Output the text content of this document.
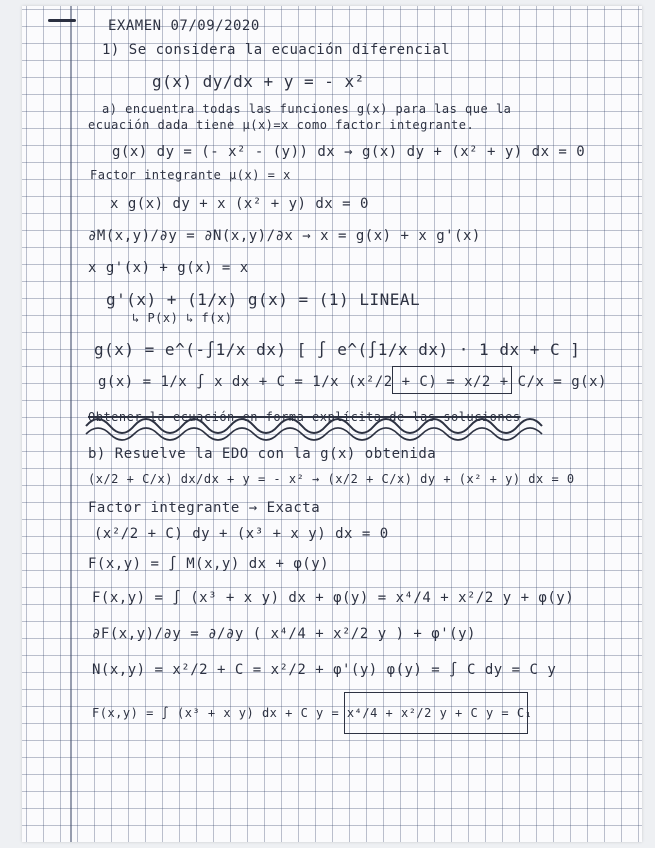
EXAMEN 07/09/2020
1) Se considera la ecuación diferencial
g(x) dy/dx + y = - x²
a) encuentra todas las funciones g(x) para las que la
ecuación dada tiene μ(x)=x como factor integrante.
g(x) dy = (- x² - (y)) dx → g(x) dy + (x² + y) dx = 0
Factor integrante μ(x) = x
x g(x) dy + x (x² + y) dx = 0
∂M(x,y)/∂y = ∂N(x,y)/∂x → x = g(x) + x g'(x)
x g'(x) + g(x) = x
g'(x) + (1/x) g(x) = (1) LINEAL
↳ P(x) ↳ f(x)
g(x) = e^(-∫1/x dx) [ ∫ e^(∫1/x dx) · 1 dx + C ]
g(x) = 1/x ∫ x dx + C = 1/x (x²/2 + C) = x/2 + C/x = g(x)
Obtener la ecuación en forma explícita de las soluciones
b) Resuelve la EDO con la g(x) obtenida
(x/2 + C/x) dx/dx + y = - x² → (x/2 + C/x) dy + (x² + y) dx = 0
Factor integrante → Exacta
(x²/2 + C) dy + (x³ + x y) dx = 0
F(x,y) = ∫ M(x,y) dx + φ(y)
F(x,y) = ∫ (x³ + x y) dx + φ(y) = x⁴/4 + x²/2 y + φ(y)
∂F(x,y)/∂y = ∂/∂y ( x⁴/4 + x²/2 y ) + φ'(y)
N(x,y) = x²/2 + C = x²/2 + φ'(y) φ(y) = ∫ C dy = C y
F(x,y) = ∫ (x³ + x y) dx + C y = x⁴/4 + x²/2 y + C y = C₁
